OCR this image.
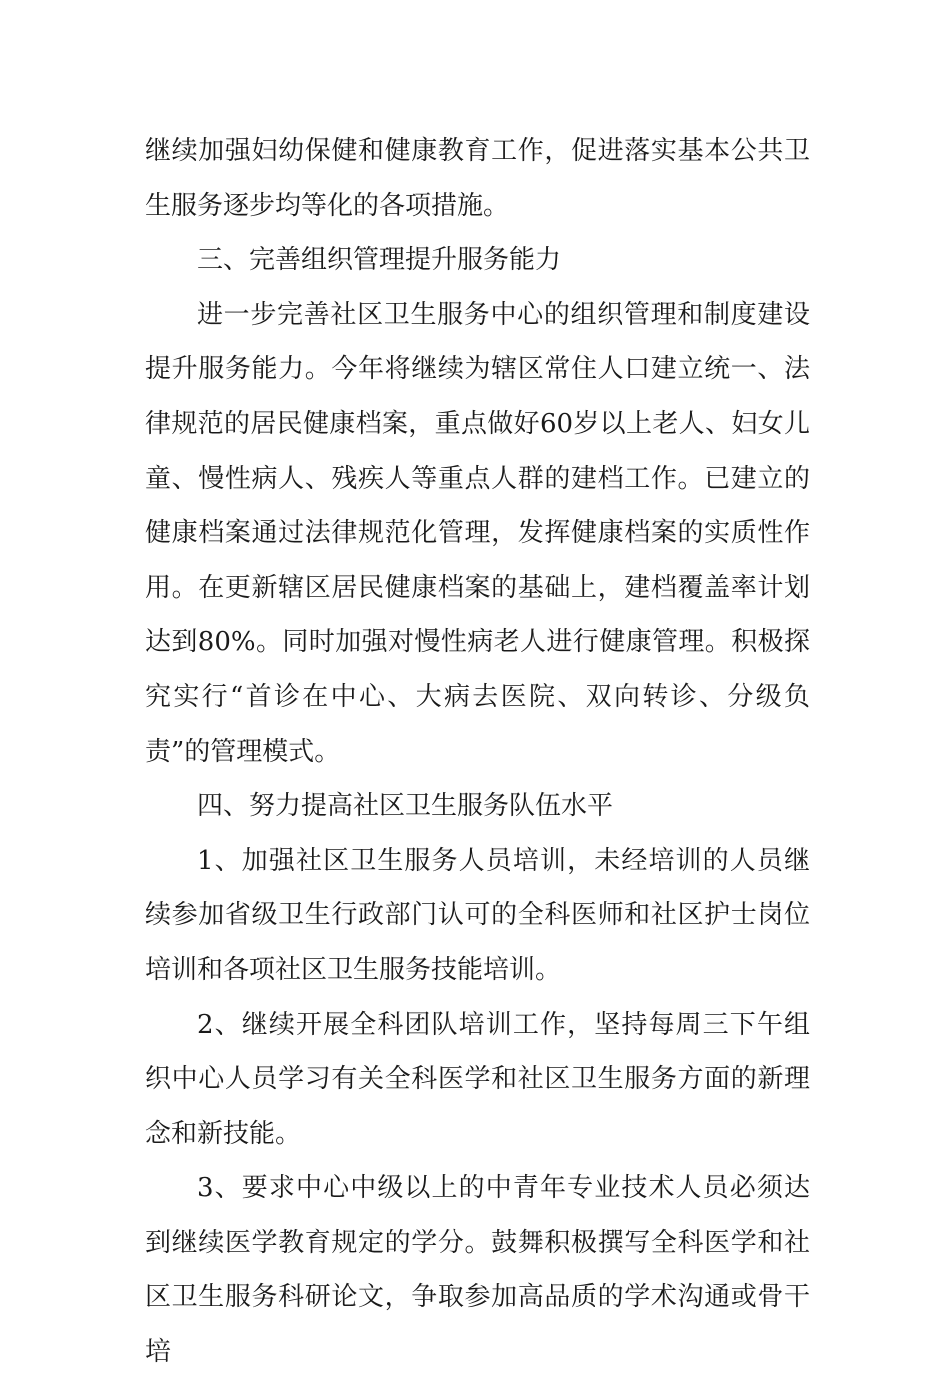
继续加强妇幼保健和健康教育工作，促进落实基本公共卫生服务逐步均等化的各项措施。

三、完善组织管理提升服务能力

进一步完善社区卫生服务中心的组织管理和制度建设提升服务能力。今年将继续为辖区常住人口建立统一、法律规范的居民健康档案，重点做好60岁以上老人、妇女儿童、慢性病人、残疾人等重点人群的建档工作。已建立的健康档案通过法律规范化管理，发挥健康档案的实质性作用。在更新辖区居民健康档案的基础上，建档覆盖率计划达到80%。同时加强对慢性病老人进行健康管理。积极探究实行“首诊在中心、大病去医院、双向转诊、分级负责”的管理模式。

四、努力提高社区卫生服务队伍水平

1、加强社区卫生服务人员培训，未经培训的人员继续参加省级卫生行政部门认可的全科医师和社区护士岗位培训和各项社区卫生服务技能培训。

2、继续开展全科团队培训工作，坚持每周三下午组织中心人员学习有关全科医学和社区卫生服务方面的新理念和新技能。

3、要求中心中级以上的中青年专业技术人员必须达到继续医学教育规定的学分。鼓舞积极撰写全科医学和社区卫生服务科研论文，争取参加高品质的学术沟通或骨干培
